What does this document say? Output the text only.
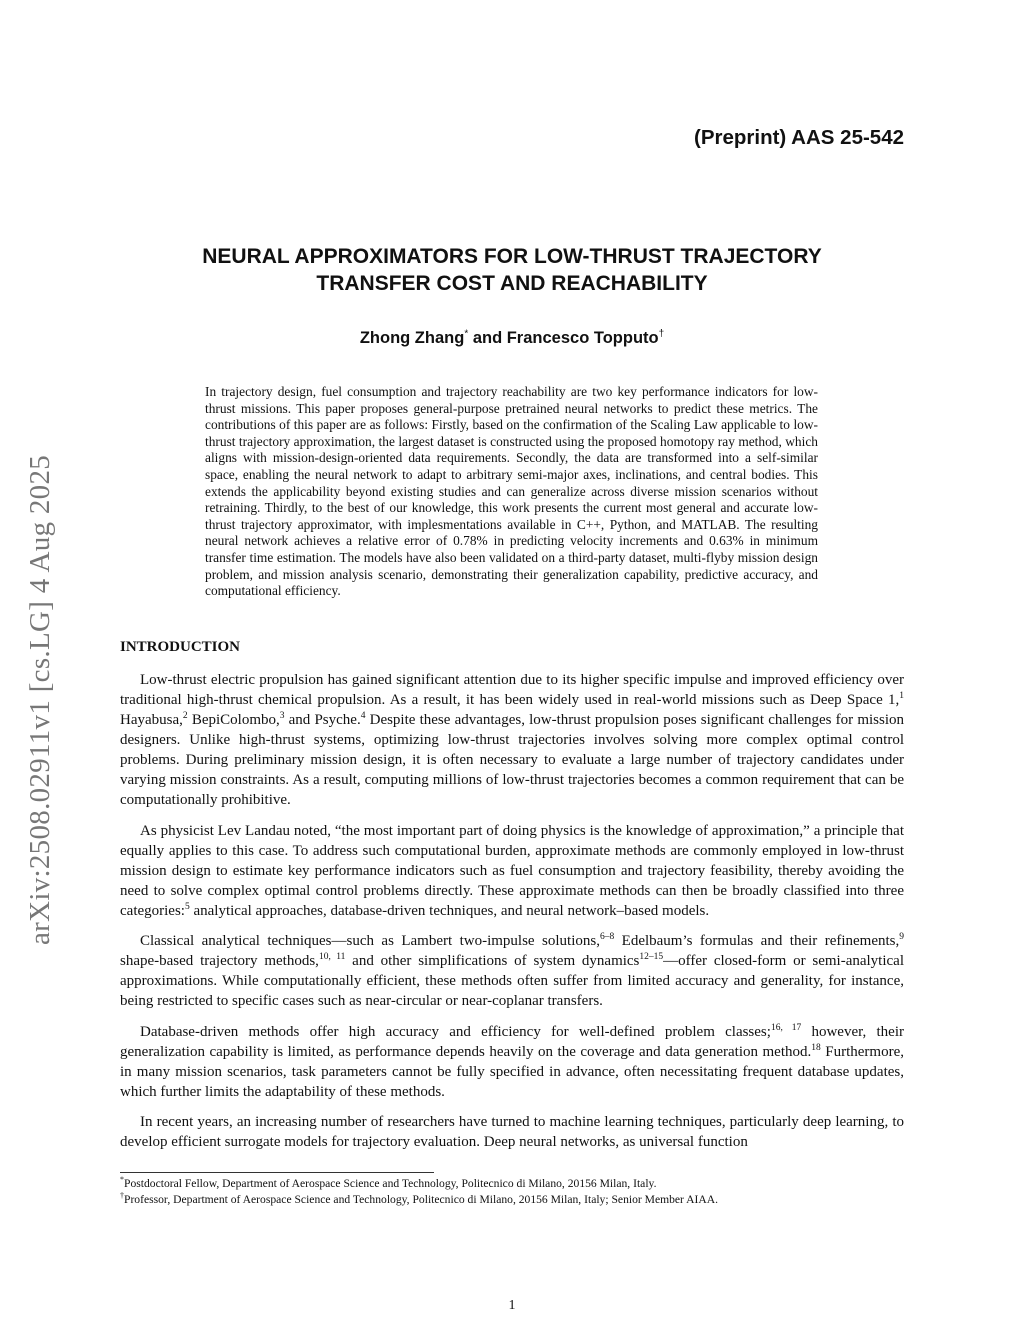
arXiv:2508.02911v1 [cs.LG] 4 Aug 2025
(Preprint) AAS 25-542
NEURAL APPROXIMATORS FOR LOW-THRUST TRAJECTORY
TRANSFER COST AND REACHABILITY
Zhong Zhang* and Francesco Topputo†
In trajectory design, fuel consumption and trajectory reachability are two key performance indicators for low-thrust missions. This paper proposes general-purpose pretrained neural networks to predict these metrics. The contributions of this paper are as follows: Firstly, based on the confirmation of the Scaling Law applicable to low-thrust trajectory approximation, the largest dataset is constructed using the proposed homotopy ray method, which aligns with mission-design-oriented data requirements. Secondly, the data are transformed into a self-similar space, enabling the neural network to adapt to arbitrary semi-major axes, inclinations, and central bodies. This extends the applicability beyond existing studies and can generalize across diverse mission scenarios without retraining. Thirdly, to the best of our knowledge, this work presents the current most general and accurate low-thrust trajectory approximator, with implesmentations available in C++, Python, and MATLAB. The resulting neural network achieves a relative error of 0.78% in predicting velocity increments and 0.63% in minimum transfer time estimation. The models have also been validated on a third-party dataset, multi-flyby mission design problem, and mission analysis scenario, demonstrating their generalization capability, predictive accuracy, and computational efficiency.
INTRODUCTION

Low-thrust electric propulsion has gained significant attention due to its higher specific impulse and improved efficiency over traditional high-thrust chemical propulsion. As a result, it has been widely used in real-world missions such as Deep Space 1,$^1$ Hayabusa,$^2$ BepiColombo,$^3$ and Psyche.$^4$ Despite these advantages, low-thrust propulsion poses significant challenges for mission designers. Unlike high-thrust systems, optimizing low-thrust trajectories involves solving more complex optimal control problems. During preliminary mission design, it is often necessary to evaluate a large number of trajectory candidates under varying mission constraints. As a result, computing millions of low-thrust trajectories becomes a common requirement that can be computationally prohibitive.

As physicist Lev Landau noted, “the most important part of doing physics is the knowledge of approximation,” a principle that equally applies to this case. To address such computational burden, approximate methods are commonly employed in low-thrust mission design to estimate key performance indicators such as fuel consumption and trajectory feasibility, thereby avoiding the need to solve complex optimal control problems directly. These approximate methods can then be broadly classified into three categories:$^5$ analytical approaches, database-driven techniques, and neural network–based models.

Classical analytical techniques—such as Lambert two-impulse solutions,$^{6-8}$ Edelbaum’s formulas and their refinements,$^9$ shape-based trajectory methods,$^{10, 11}$ and other simplifications of system dynamics$^{12-15}$—offer closed-form or semi-analytical approximations. While computationally efficient, these methods often suffer from limited accuracy and generality, for instance, being restricted to specific cases such as near-circular or near-coplanar transfers.

Database-driven methods offer high accuracy and efficiency for well-defined problem classes;$^{16, 17}$ however, their generalization capability is limited, as performance depends heavily on the coverage and data generation method.$^{18}$ Furthermore, in many mission scenarios, task parameters cannot be fully specified in advance, often necessitating frequent database updates, which further limits the adaptability of these methods.

In recent years, an increasing number of researchers have turned to machine learning techniques, particularly deep learning, to develop efficient surrogate models for trajectory evaluation. Deep neural networks, as universal function

*Postdoctoral Fellow, Department of Aerospace Science and Technology, Politecnico di Milano, 20156 Milan, Italy.
†Professor, Department of Aerospace Science and Technology, Politecnico di Milano, 20156 Milan, Italy; Senior Member AIAA.
1
